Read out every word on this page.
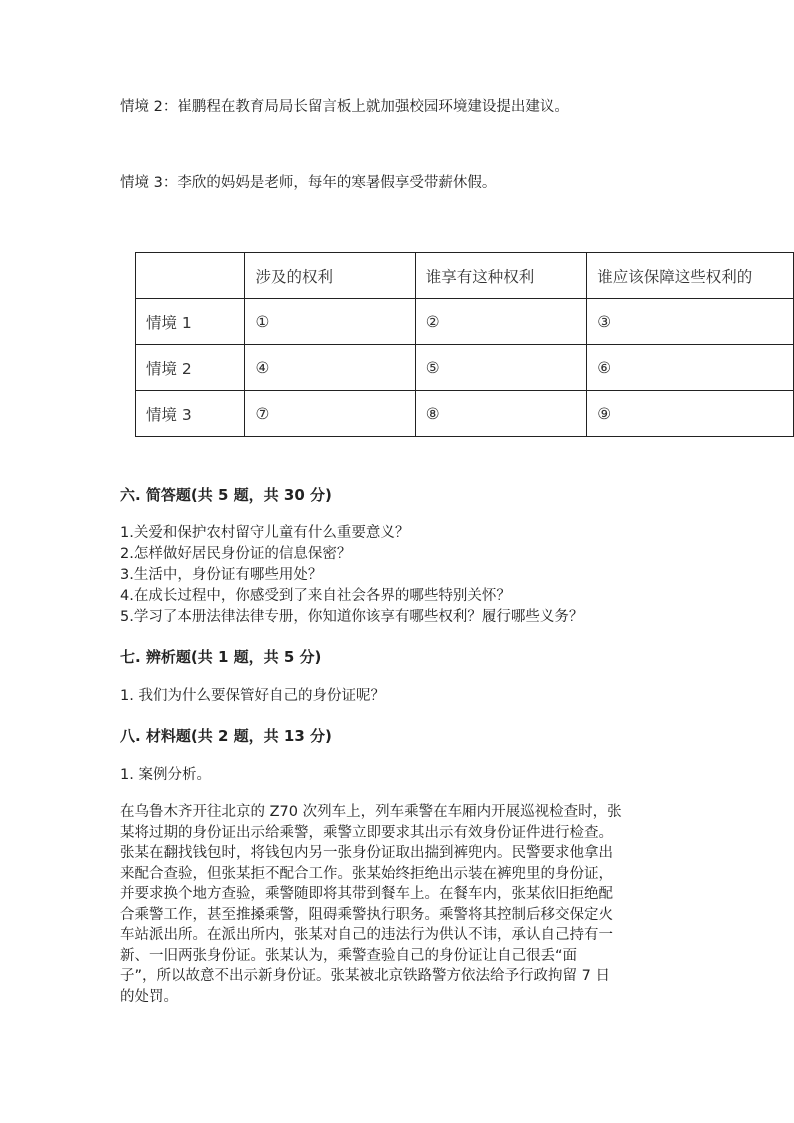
情境 2：崔鹏程在教育局局长留言板上就加强校园环境建设提出建议。
情境 3：李欣的妈妈是老师，每年的寒暑假享受带薪休假。
	涉及的权利	谁享有这种权利	谁应该保障这些权利的
情境 1	①	②	③
情境 2	④	⑤	⑥
情境 3	⑦	⑧	⑨
六. 简答题(共 5 题，共 30 分)
1.关爱和保护农村留守儿童有什么重要意义？
2.怎样做好居民身份证的信息保密？
3.生活中，身份证有哪些用处？
4.在成长过程中，你感受到了来自社会各界的哪些特别关怀？
5.学习了本册法律法律专册，你知道你该享有哪些权利？履行哪些义务？
七. 辨析题(共 1 题，共 5 分)
1. 我们为什么要保管好自己的身份证呢？
八. 材料题(共 2 题，共 13 分)
1. 案例分析。
在乌鲁木齐开往北京的 Z70 次列车上，列车乘警在车厢内开展巡视检查时，张
某将过期的身份证出示给乘警，乘警立即要求其出示有效身份证件进行检查。
张某在翻找钱包时，将钱包内另一张身份证取出揣到裤兜内。民警要求他拿出
来配合查验，但张某拒不配合工作。张某始终拒绝出示装在裤兜里的身份证，
并要求换个地方查验，乘警随即将其带到餐车上。在餐车内，张某依旧拒绝配
合乘警工作，甚至推搡乘警，阻碍乘警执行职务。乘警将其控制后移交保定火
车站派出所。在派出所内，张某对自己的违法行为供认不讳，承认自己持有一
新、一旧两张身份证。张某认为，乘警查验自己的身份证让自己很丢“面
子”，所以故意不出示新身份证。张某被北京铁路警方依法给予行政拘留 7 日
的处罚。
